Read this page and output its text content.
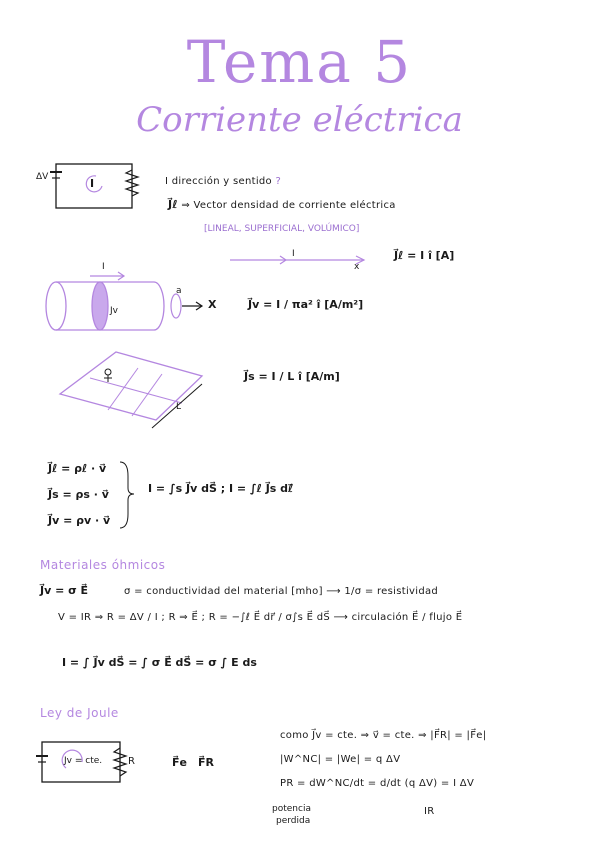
Tema 5
Corriente eléctrica
ΔV	I	I dirección y sentido ?
J⃗ℓ ⇒ Vector densidad de corriente eléctrica
[LINEAL, SUPERFICIAL, VOLÚMICO]
I
x
J⃗ℓ = I î [A]
I
Jv
a
X	J⃗v = I / πa² î [A/m²]
L
J⃗s = I / L î [A/m]
J⃗ℓ = ρℓ · v⃗
J⃗s = ρs · v⃗
J⃗v = ρv · v⃗
I = ∫s J⃗v dS⃗ ; I = ∫ℓ J⃗s dℓ⃗
Materiales óhmicos
J⃗v = σ E⃗	σ = conductividad del material [mho] ⟶ 1/σ = resistividad
V = IR ⇒ R = ΔV / I ; R ⇒ E⃗ ; R = −∫ℓ E⃗ dr⃗ / σ∫s E⃗ dS⃗ ⟶ circulación E⃗ / flujo E⃗
I = ∫ J⃗v dS⃗ = ∫ σ E⃗ dS⃗ = σ ∫ E ds
Ley de Joule
Jv = cte.	R	F⃗e F⃗R
como J⃗v = cte. ⇒ v⃗ = cte. ⇒ |F⃗R| = |F⃗e|
|W^NC| = |We| = q ΔV
PR = dW^NC/dt = d/dt (q ΔV) = I ΔV
IR
potencia
perdida
